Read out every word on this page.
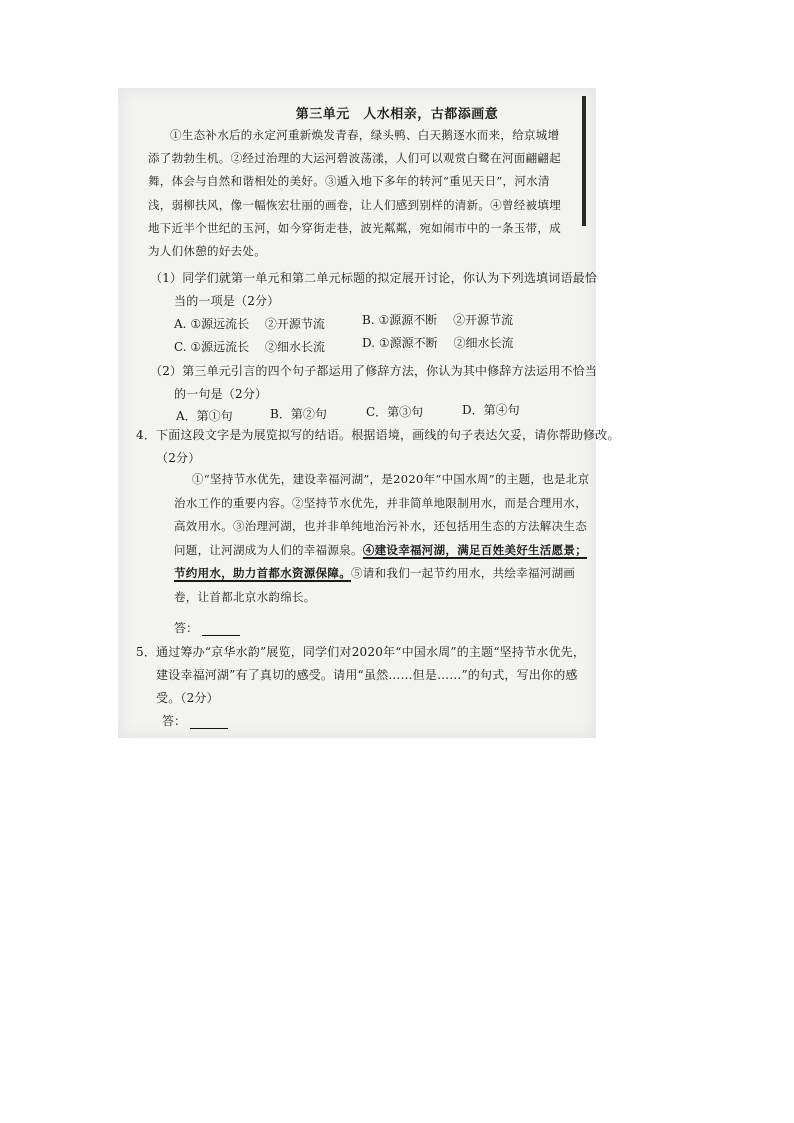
第三单元　人水相亲，古都添画意
①生态补水后的永定河重新焕发青春，绿头鸭、白天鹅逐水而来，给京城增添了勃勃生机。②经过治理的大运河碧波荡漾，人们可以观赏白鹭在河面翩翩起舞，体会与自然和谐相处的美好。③遁入地下多年的转河“重见天日”，河水清浅，弱柳扶风，像一幅恢宏壮丽的画卷，让人们感到别样的清新。④曾经被填埋地下近半个世纪的玉河，如今穿街走巷，波光粼粼，宛如闹市中的一条玉带，成为人们休憩的好去处。
（1）同学们就第一单元和第二单元标题的拟定展开讨论，你认为下列选填词语最恰
当的一项是（2分）
A. ①源远流长 ②开源节流	B. ①源源不断 ②开源节流
C. ①源远流长 ②细水长流	D. ①源源不断 ②细水长流
（2）第三单元引言的四个句子都运用了修辞方法，你认为其中修辞方法运用不恰当
的一句是（2分）
A．第①句	B．第②句	C．第③句	D．第④句
4．下面这段文字是为展览拟写的结语。根据语境，画线的句子表达欠妥，请你帮助修改。
（2分）
①“坚持节水优先，建设幸福河湖”，是2020年“中国水周”的主题，也是北京治水工作的重要内容。②坚持节水优先，并非简单地限制用水，而是合理用水，高效用水。③治理河湖，也并非单纯地治污补水，还包括用生态的方法解决生态问题，让河湖成为人们的幸福源泉。④建设幸福河湖，满足百姓美好生活愿景；节约用水，助力首都水资源保障。⑤请和我们一起节约用水，共绘幸福河湖画卷，让首都北京水韵绵长。
答：
5．通过筹办“京华水韵”展览，同学们对2020年“中国水周”的主题“坚持节水优先，
建设幸福河湖”有了真切的感受。请用“虽然……但是……”的句式，写出你的感
受。（2分）
答：
